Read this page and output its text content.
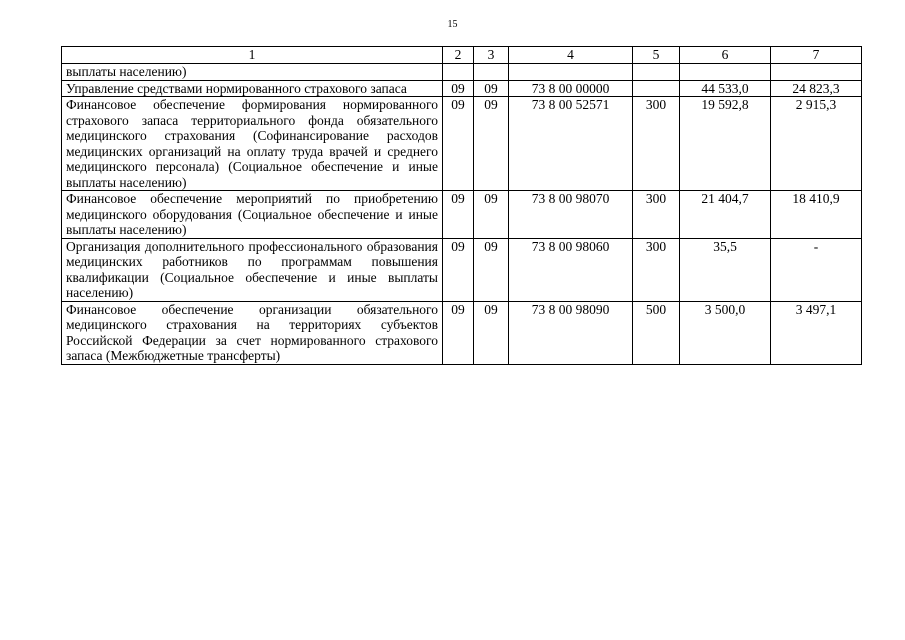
15
1	2	3	4	5	6	7
выплаты населению)						
Управление средствами нормированного страхового запаса	09	09	73 8 00 00000		44 533,0	24 823,3
Финансовое обеспечение формирования нормированного страхового запаса территориального фонда обязательного медицинского страхования (Софинансирование расходов медицинских организаций на оплату труда врачей и среднего медицинского персонала) (Социальное обеспечение и иные выплаты населению)	09	09	73 8 00 52571	300	19 592,8	2 915,3
Финансовое обеспечение мероприятий по приобретению медицинского оборудования (Социальное обеспечение и иные выплаты населению)	09	09	73 8 00 98070	300	21 404,7	18 410,9
Организация дополнительного профессионального образования медицинских работников по программам повышения квалификации (Социальное обеспечение и иные выплаты населению)	09	09	73 8 00 98060	300	35,5	-
Финансовое обеспечение организации обязательного медицинского страхования на территориях субъектов Российской Федерации за счет нормированного страхового запаса (Межбюджетные трансферты)	09	09	73 8 00 98090	500	3 500,0	3 497,1
